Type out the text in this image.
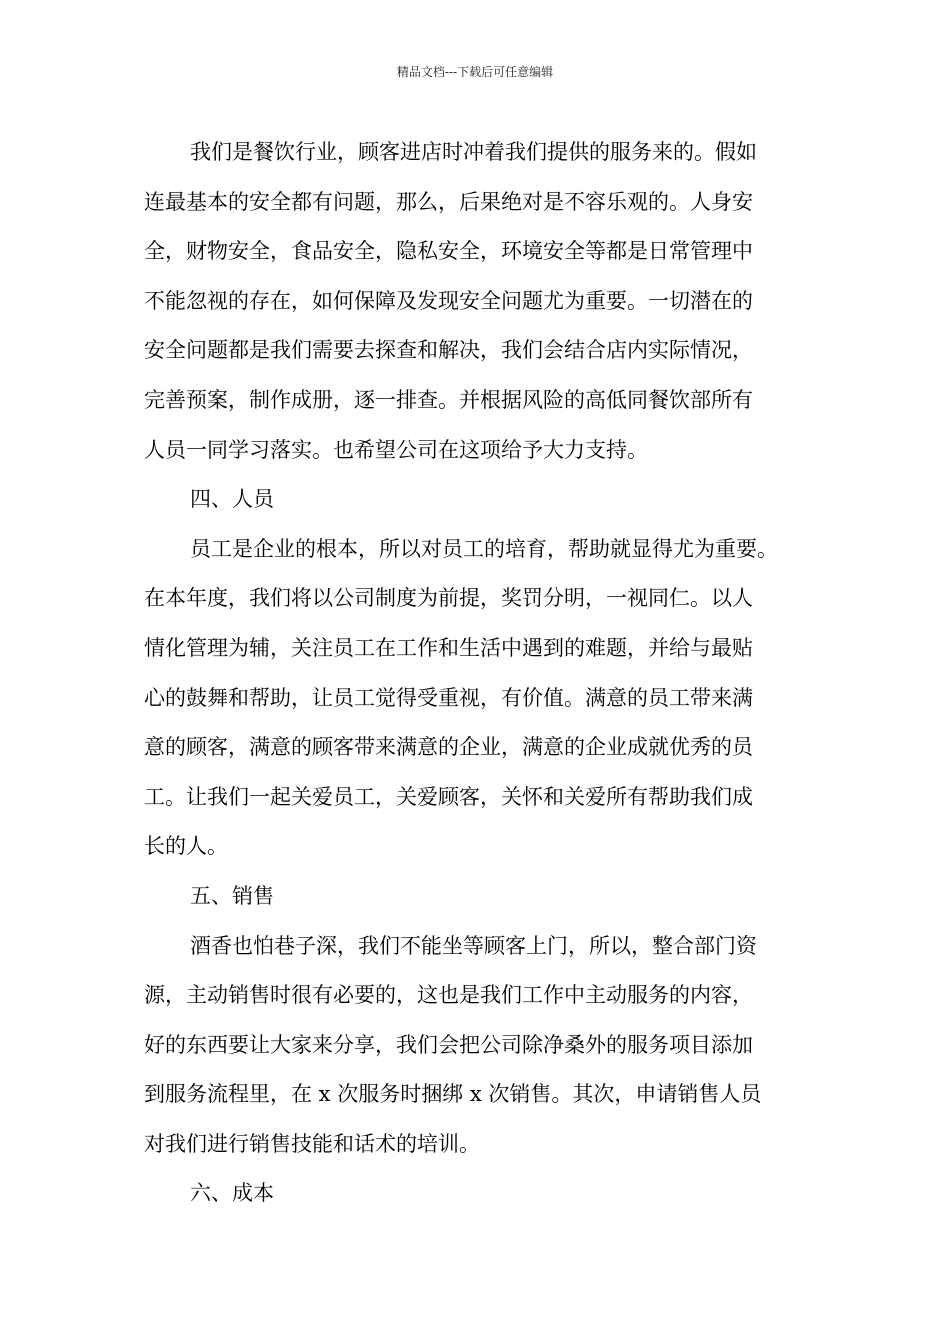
精品文档---下载后可任意编辑
我们是餐饮行业，顾客进店时冲着我们提供的服务来的。假如
连最基本的安全都有问题，那么，后果绝对是不容乐观的。人身安
全，财物安全，食品安全，隐私安全，环境安全等都是日常管理中
不能忽视的存在，如何保障及发现安全问题尤为重要。一切潜在的
安全问题都是我们需要去探查和解决，我们会结合店内实际情况，
完善预案，制作成册，逐一排查。并根据风险的高低同餐饮部所有
人员一同学习落实。也希望公司在这项给予大力支持。
四、人员
员工是企业的根本，所以对员工的培育，帮助就显得尤为重要。
在本年度，我们将以公司制度为前提，奖罚分明，一视同仁。以人
情化管理为辅，关注员工在工作和生活中遇到的难题，并给与最贴
心的鼓舞和帮助，让员工觉得受重视，有价值。满意的员工带来满
意的顾客，满意的顾客带来满意的企业，满意的企业成就优秀的员
工。让我们一起关爱员工，关爱顾客，关怀和关爱所有帮助我们成
长的人。
五、销售
酒香也怕巷子深，我们不能坐等顾客上门，所以，整合部门资
源，主动销售时很有必要的，这也是我们工作中主动服务的内容，
好的东西要让大家来分享，我们会把公司除净桑外的服务项目添加
到服务流程里，在 x 次服务时捆绑 x 次销售。其次，申请销售人员
对我们进行销售技能和话术的培训。
六、成本
